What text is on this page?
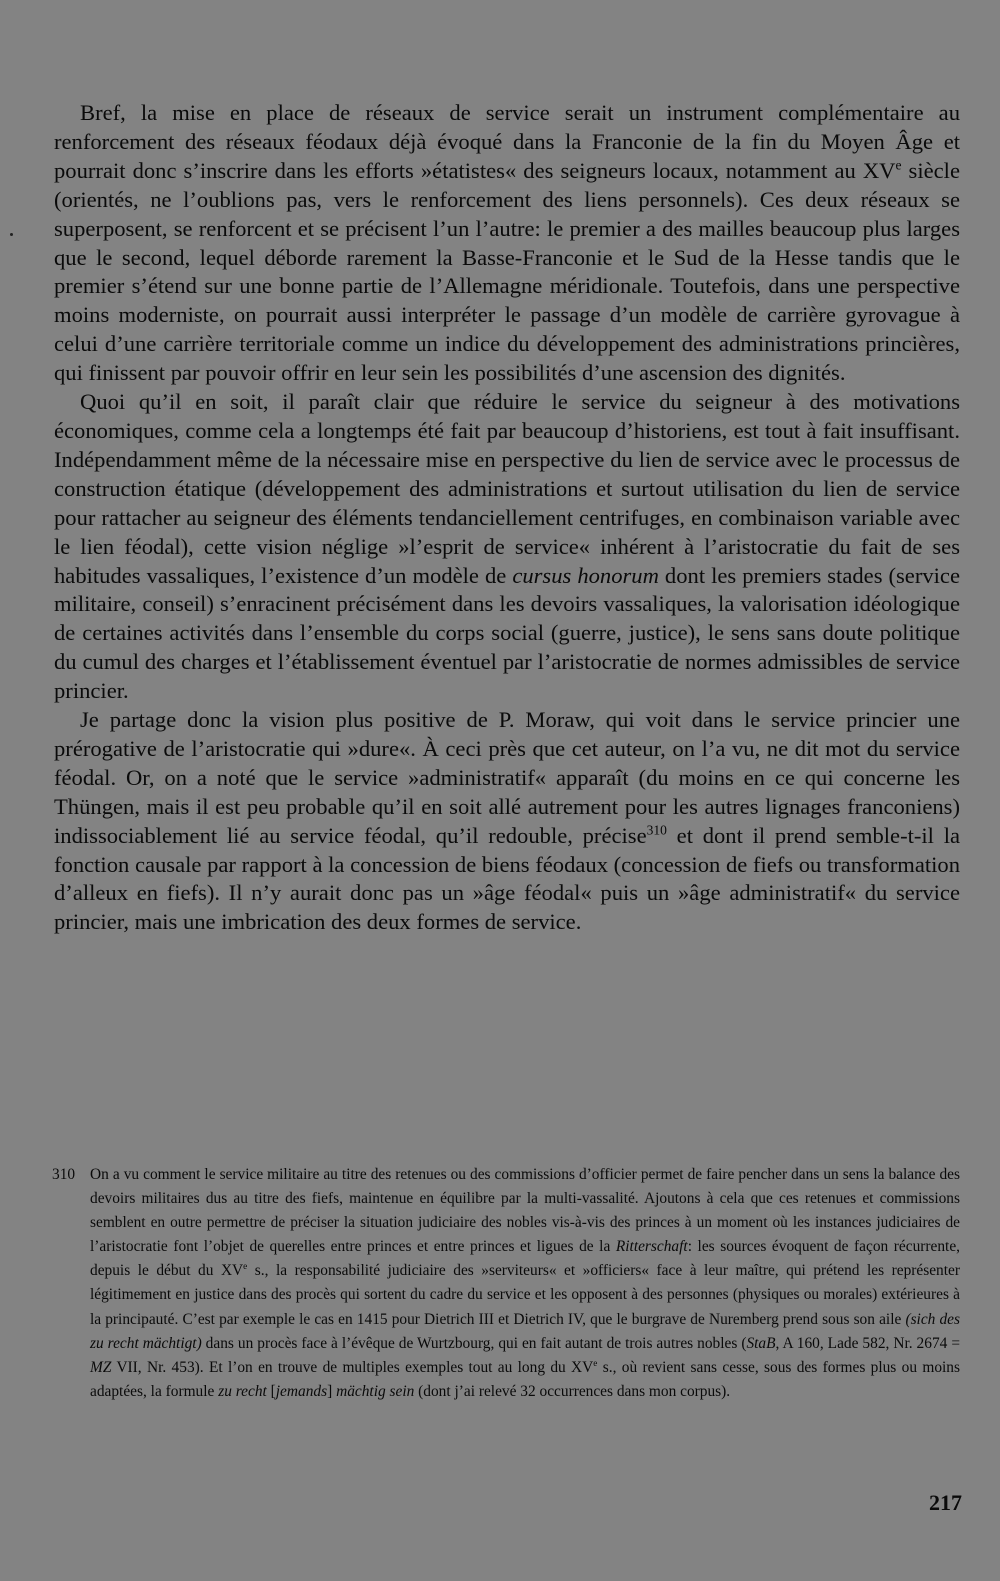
Bref, la mise en place de réseaux de service serait un instrument complémentaire au renforcement des réseaux féodaux déjà évoqué dans la Franconie de la fin du Moyen Âge et pourrait donc s’inscrire dans les efforts »étatistes« des seigneurs locaux, notamment au XVe siècle (orientés, ne l’oublions pas, vers le renforcement des liens personnels). Ces deux réseaux se superposent, se renforcent et se précisent l’un l’autre: le premier a des mailles beaucoup plus larges que le second, lequel déborde rarement la Basse-Franconie et le Sud de la Hesse tandis que le premier s’étend sur une bonne partie de l’Allemagne méridionale. Toutefois, dans une perspective moins moderniste, on pourrait aussi interpréter le passage d’un modèle de carrière gyrovague à celui d’une carrière territoriale comme un indice du développement des administrations princières, qui finissent par pouvoir offrir en leur sein les possibilités d’une ascension des dignités.

Quoi qu’il en soit, il paraît clair que réduire le service du seigneur à des motivations économiques, comme cela a longtemps été fait par beaucoup d’historiens, est tout à fait insuffisant. Indépendamment même de la nécessaire mise en perspective du lien de service avec le processus de construction étatique (développement des administrations et surtout utilisation du lien de service pour rattacher au seigneur des éléments tendanciellement centrifuges, en combinaison variable avec le lien féodal), cette vision néglige »l’esprit de service« inhérent à l’aristocratie du fait de ses habitudes vassaliques, l’existence d’un modèle de cursus honorum dont les premiers stades (service militaire, conseil) s’enracinent précisément dans les devoirs vassaliques, la valorisation idéologique de certaines activités dans l’ensemble du corps social (guerre, justice), le sens sans doute politique du cumul des charges et l’établissement éventuel par l’aristocratie de normes admissibles de service princier.

Je partage donc la vision plus positive de P. Moraw, qui voit dans le service princier une prérogative de l’aristocratie qui »dure«. À ceci près que cet auteur, on l’a vu, ne dit mot du service féodal. Or, on a noté que le service »administratif« apparaît (du moins en ce qui concerne les Thüngen, mais il est peu probable qu’il en soit allé autrement pour les autres lignages franconiens) indissociablement lié au service féodal, qu’il redouble, précise$^{310}$ et dont il prend semble-t-il la fonction causale par rapport à la concession de biens féodaux (concession de fiefs ou transformation d’alleux en fiefs). Il n’y aurait donc pas un »âge féodal« puis un »âge administratif« du service princier, mais une imbrication des deux formes de service.

310 On a vu comment le service militaire au titre des retenues ou des commissions d’officier permet de faire pencher dans un sens la balance des devoirs militaires dus au titre des fiefs, maintenue en équilibre par la multi-vassalité. Ajoutons à cela que ces retenues et commissions semblent en outre permettre de préciser la situation judiciaire des nobles vis-à-vis des princes à un moment où les instances judiciaires de l’aristocratie font l’objet de querelles entre princes et entre princes et ligues de la Ritterschaft: les sources évoquent de façon récurrente, depuis le début du XVe s., la responsabilité judiciaire des »serviteurs« et »officiers« face à leur maître, qui prétend les représenter légitimement en justice dans des procès qui sortent du cadre du service et les opposent à des personnes (physiques ou morales) extérieures à la principauté. C’est par exemple le cas en 1415 pour Dietrich III et Dietrich IV, que le burgrave de Nuremberg prend sous son aile (sich des zu recht mächtigt) dans un procès face à l’évêque de Wurtzbourg, qui en fait autant de trois autres nobles (StaB, A 160, Lade 582, Nr. 2674 = MZ VII, Nr. 453). Et l’on en trouve de multiples exemples tout au long du XVe s., où revient sans cesse, sous des formes plus ou moins adaptées, la formule zu recht [jemands] mächtig sein (dont j’ai relevé 32 occurrences dans mon corpus).
217
